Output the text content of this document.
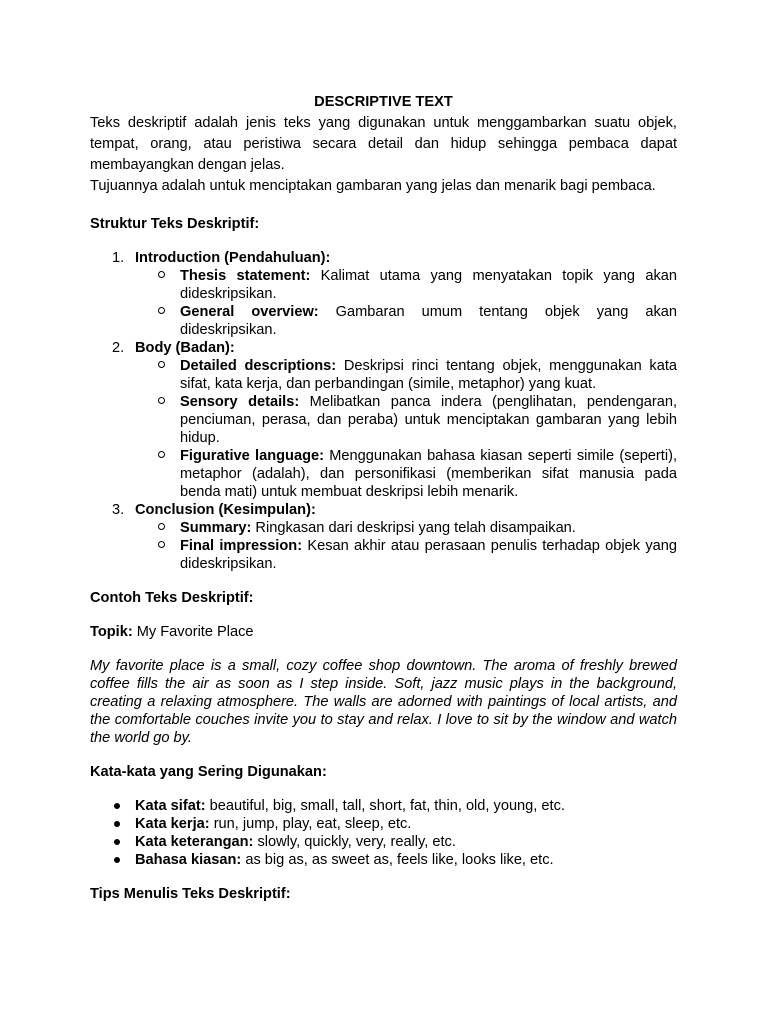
DESCRIPTIVE TEXT

Teks deskriptif adalah jenis teks yang digunakan untuk menggambarkan suatu objek, tempat, orang, atau peristiwa secara detail dan hidup sehingga pembaca dapat membayangkan dengan jelas.

Tujuannya adalah untuk menciptakan gambaran yang jelas dan menarik bagi pembaca.

Struktur Teks Deskriptif:

1. Introduction (Pendahuluan):
Thesis statement: Kalimat utama yang menyatakan topik yang akan dideskripsikan.
General overview: Gambaran umum tentang objek yang akan dideskripsikan.
2. Body (Badan):
Detailed descriptions: Deskripsi rinci tentang objek, menggunakan kata sifat, kata kerja, dan perbandingan (simile, metaphor) yang kuat.
Sensory details: Melibatkan panca indera (penglihatan, pendengaran, penciuman, perasa, dan peraba) untuk menciptakan gambaran yang lebih hidup.
Figurative language: Menggunakan bahasa kiasan seperti simile (seperti), metaphor (adalah), dan personifikasi (memberikan sifat manusia pada benda mati) untuk membuat deskripsi lebih menarik.
3. Conclusion (Kesimpulan):
Summary: Ringkasan dari deskripsi yang telah disampaikan.
Final impression: Kesan akhir atau perasaan penulis terhadap objek yang dideskripsikan.

Contoh Teks Deskriptif:

Topik: My Favorite Place

My favorite place is a small, cozy coffee shop downtown. The aroma of freshly brewed coffee fills the air as soon as I step inside. Soft, jazz music plays in the background, creating a relaxing atmosphere. The walls are adorned with paintings of local artists, and the comfortable couches invite you to stay and relax. I love to sit by the window and watch the world go by.

Kata-kata yang Sering Digunakan:

Kata sifat: beautiful, big, small, tall, short, fat, thin, old, young, etc.
Kata kerja: run, jump, play, eat, sleep, etc.
Kata keterangan: slowly, quickly, very, really, etc.
Bahasa kiasan: as big as, as sweet as, feels like, looks like, etc.

Tips Menulis Teks Deskriptif:
